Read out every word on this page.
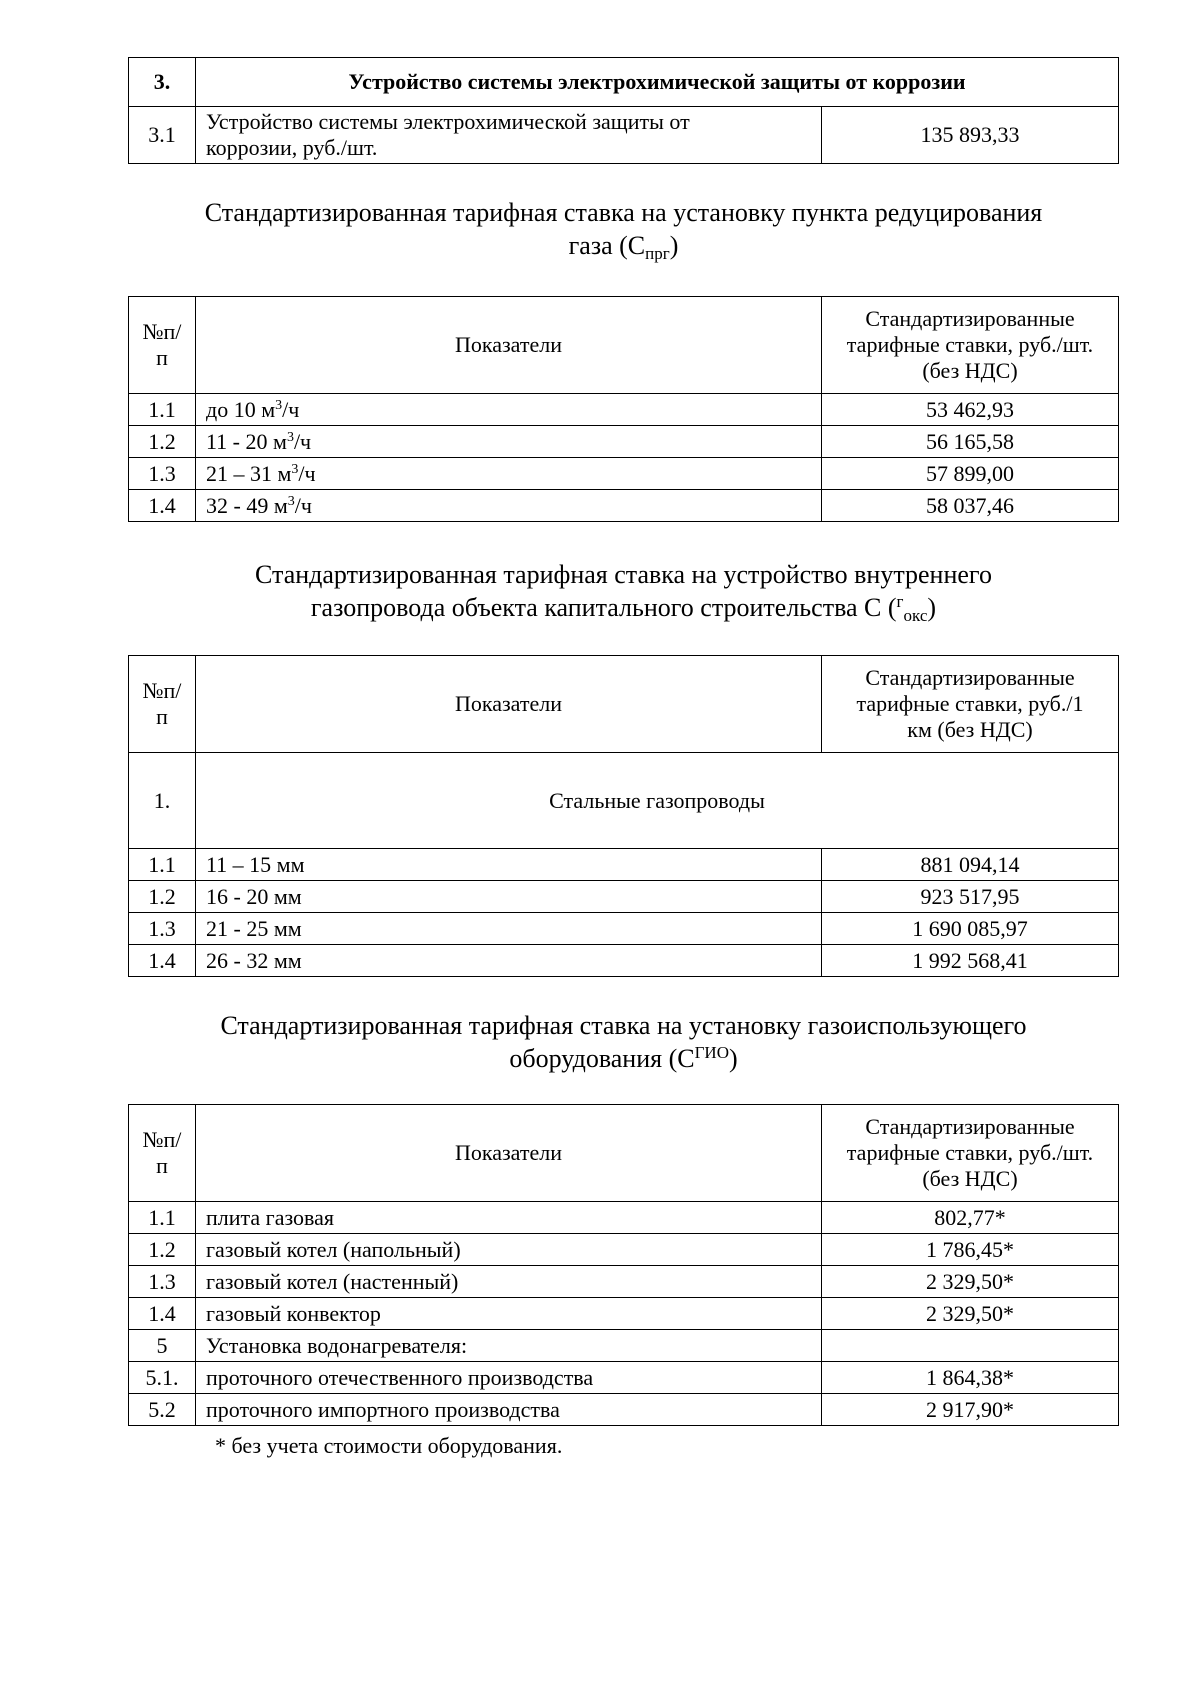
3.	Устройство системы электрохимической защиты от коррозии	
3.1	Устройство системы электрохимической защиты от
коррозии, руб./шт.	135 893,33
Стандартизированная тарифная ставка на установку пункта редуцирования
газа $(С_{прг})$
№п/
п	Показатели	Стандартизированные
тарифные ставки, руб./шт.
(без НДС)
1.1	до 10 $м^3/ч$	53 462,93
1.2	11 - 20 $м^3/ч$	56 165,58
1.3	21 – 31 $м^3/ч$	57 899,00
1.4	32 - 49 $м^3/ч$	58 037,46
Стандартизированная тарифная ставка на устройство внутреннего
газопровода объекта капитального строительства С ($^г_{окс}$)
№п/
п	Показатели	Стандартизированные
тарифные ставки, руб./1
км (без НДС)
1.	Стальные газопроводы	
1.1	11 – 15 мм	881 094,14
1.2	16 - 20 мм	923 517,95
1.3	21 - 25 мм	1 690 085,97
1.4	26 - 32 мм	1 992 568,41
Стандартизированная тарифная ставка на установку газоиспользующего
оборудования $(С^{ГИО})$
№п/
п	Показатели	Стандартизированные
тарифные ставки, руб./шт.
(без НДС)
1.1	плита газовая	802,77*
1.2	газовый котел (напольный)	1 786,45*
1.3	газовый котел (настенный)	2 329,50*
1.4	газовый конвектор	2 329,50*
5	Установка водонагревателя:	
5.1.	проточного отечественного производства	1 864,38*
5.2	проточного импортного производства	2 917,90*
* без учета стоимости оборудования.
